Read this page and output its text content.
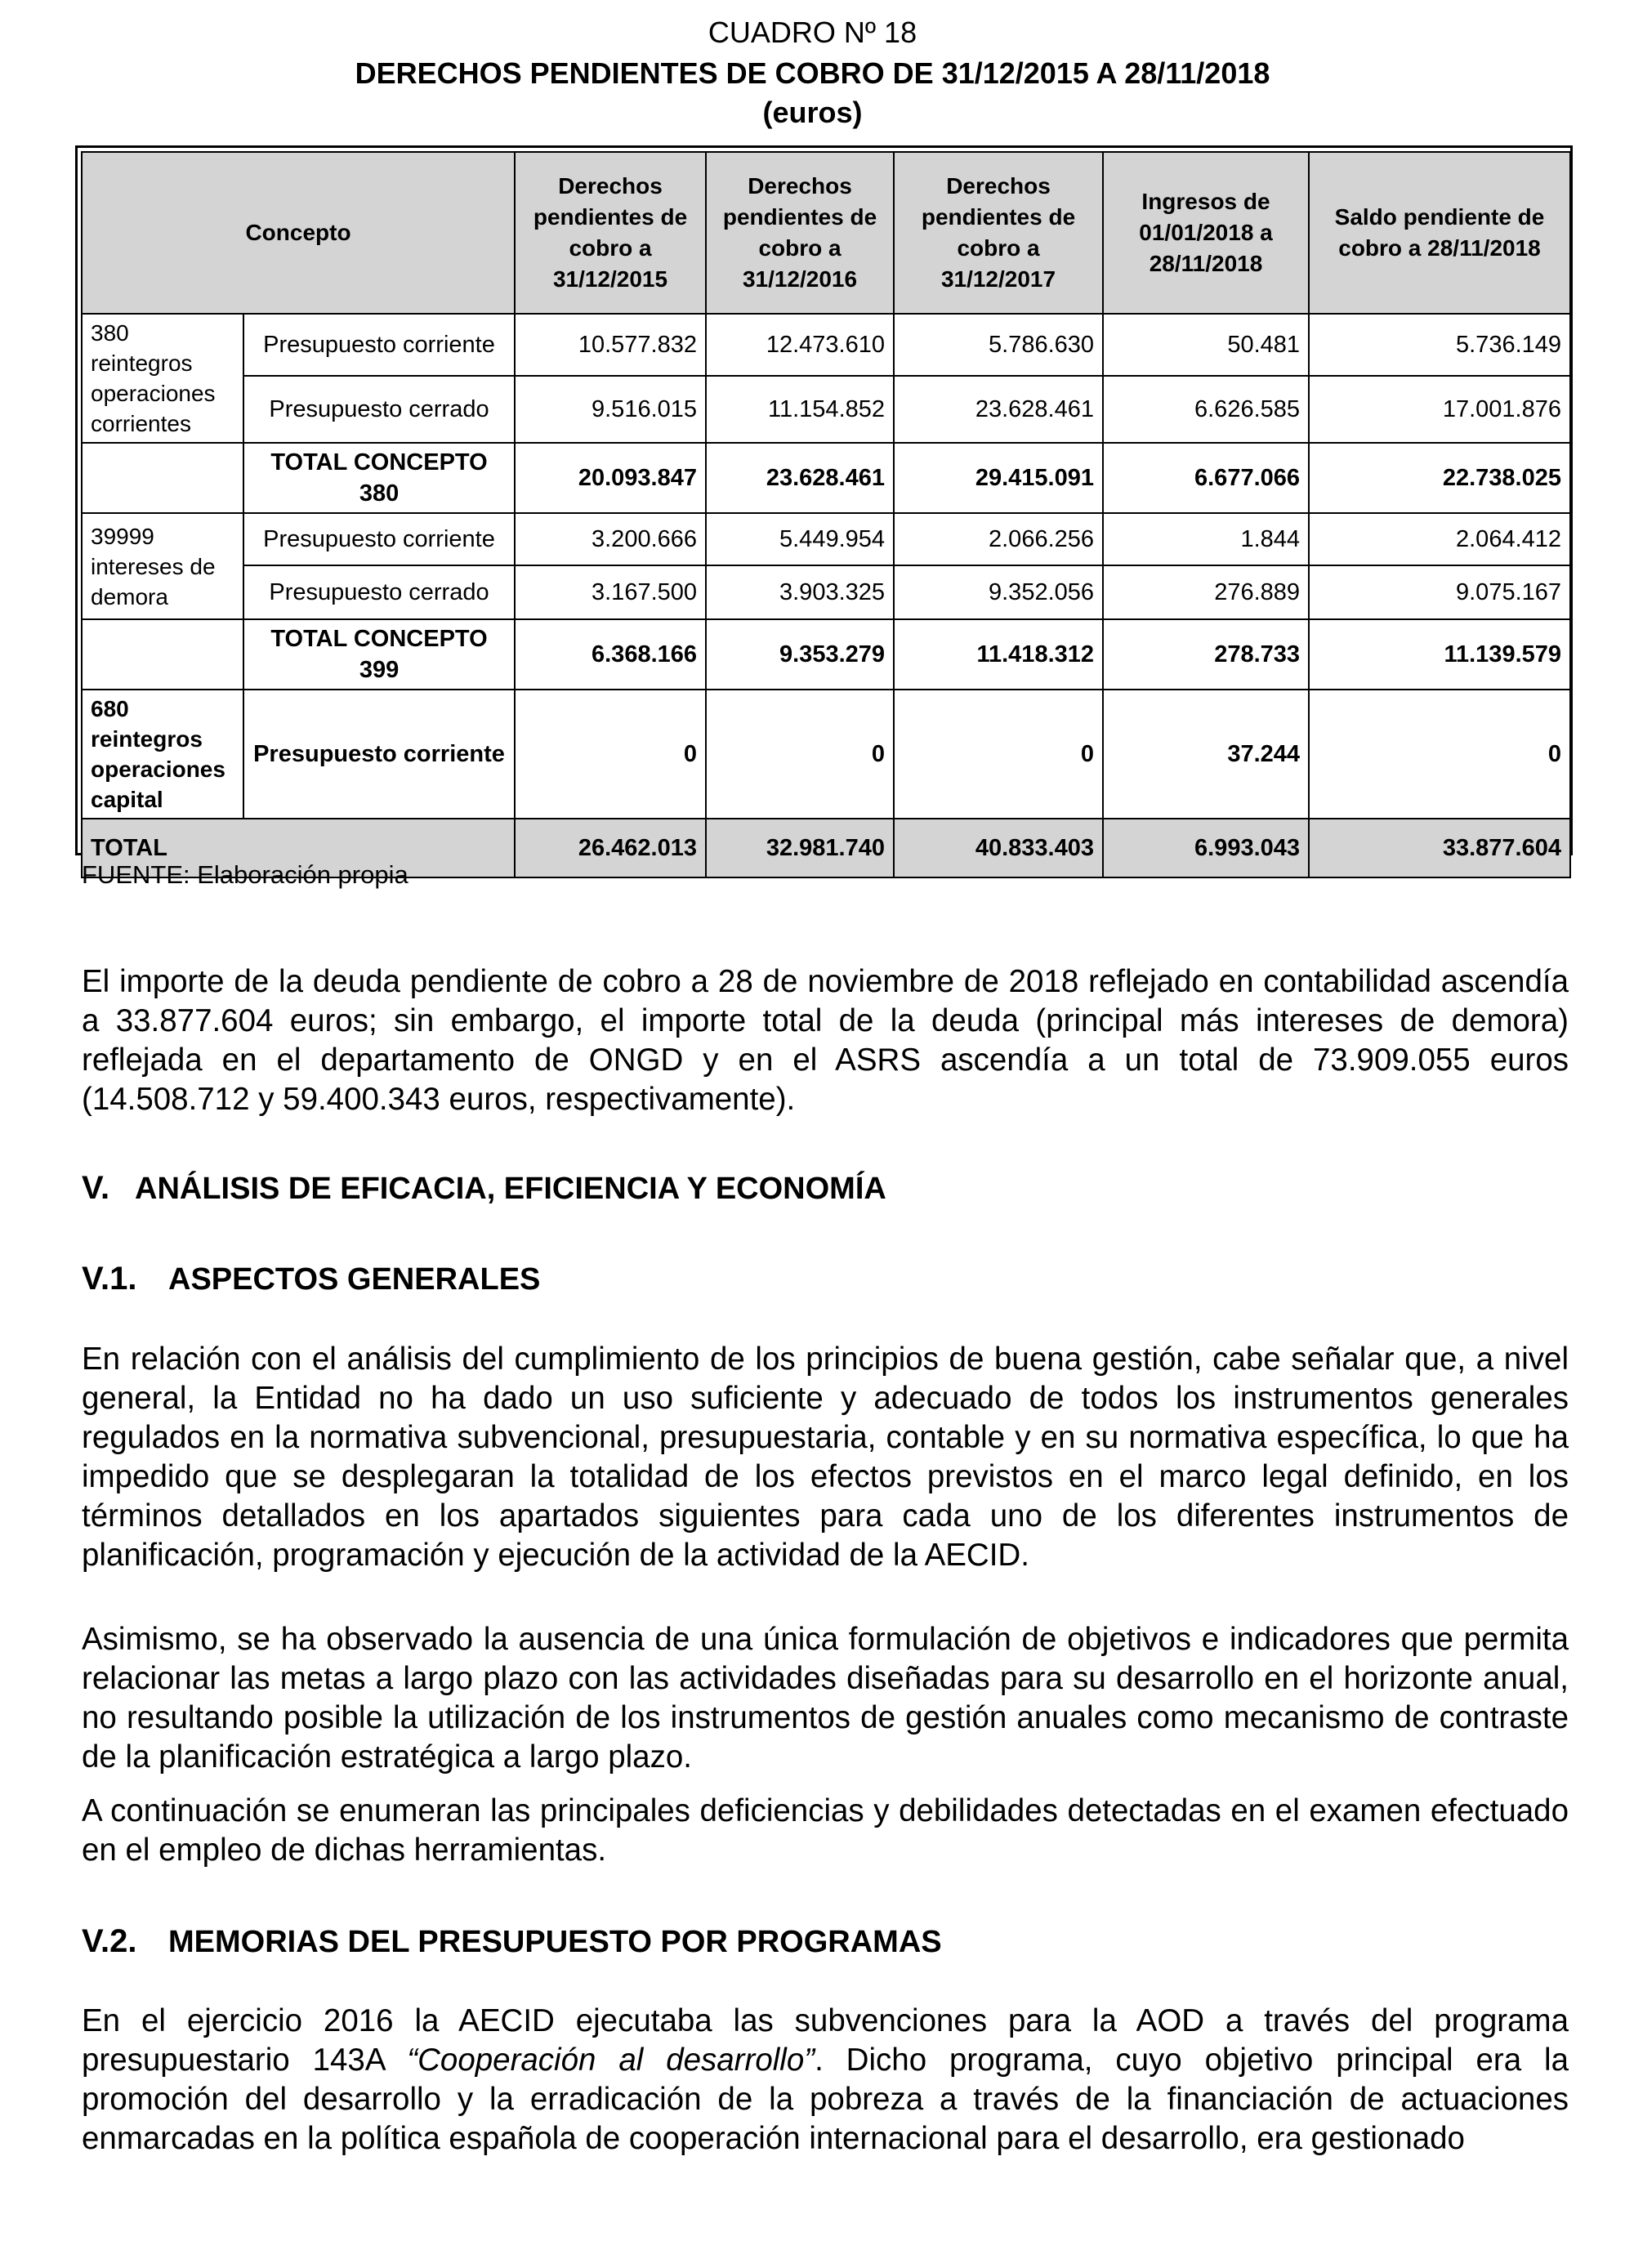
CUADRO Nº 18
DERECHOS PENDIENTES DE COBRO DE 31/12/2015 A 28/11/2018
(euros)
Concepto		Derechos pendientes de cobro a 31/12/2015	Derechos pendientes de cobro a 31/12/2016	Derechos pendientes de cobro a 31/12/2017	Ingresos de 01/01/2018 a 28/11/2018	Saldo pendiente de cobro a 28/11/2018
380 reintegros operaciones corrientes	Presupuesto corriente	10.577.832	12.473.610	5.786.630	50.481	5.736.149
	Presupuesto cerrado	9.516.015	11.154.852	23.628.461	6.626.585	17.001.876
	TOTAL CONCEPTO 380	20.093.847	23.628.461	29.415.091	6.677.066	22.738.025
39999 intereses de demora	Presupuesto corriente	3.200.666	5.449.954	2.066.256	1.844	2.064.412
	Presupuesto cerrado	3.167.500	3.903.325	9.352.056	276.889	9.075.167
	TOTAL CONCEPTO 399	6.368.166	9.353.279	11.418.312	278.733	11.139.579
680 reintegros operaciones capital	Presupuesto corriente	0	0	0	37.244	0
TOTAL		26.462.013	32.981.740	40.833.403	6.993.043	33.877.604
FUENTE: Elaboración propia

El importe de la deuda pendiente de cobro a 28 de noviembre de 2018 reflejado en contabilidad ascendía a 33.877.604 euros; sin embargo, el importe total de la deuda (principal más intereses de demora) reflejada en el departamento de ONGD y en el ASRS ascendía a un total de 73.909.055 euros (14.508.712 y 59.400.343 euros, respectivamente).

V. ANÁLISIS DE EFICACIA, EFICIENCIA Y ECONOMÍA
V.1. ASPECTOS GENERALES

En relación con el análisis del cumplimiento de los principios de buena gestión, cabe señalar que, a nivel general, la Entidad no ha dado un uso suficiente y adecuado de todos los instrumentos generales regulados en la normativa subvencional, presupuestaria, contable y en su normativa específica, lo que ha impedido que se desplegaran la totalidad de los efectos previstos en el marco legal definido, en los términos detallados en los apartados siguientes para cada uno de los diferentes instrumentos de planificación, programación y ejecución de la actividad de la AECID.

Asimismo, se ha observado la ausencia de una única formulación de objetivos e indicadores que permita relacionar las metas a largo plazo con las actividades diseñadas para su desarrollo en el horizonte anual, no resultando posible la utilización de los instrumentos de gestión anuales como mecanismo de contraste de la planificación estratégica a largo plazo.

A continuación se enumeran las principales deficiencias y debilidades detectadas en el examen efectuado en el empleo de dichas herramientas.

V.2. MEMORIAS DEL PRESUPUESTO POR PROGRAMAS

En el ejercicio 2016 la AECID ejecutaba las subvenciones para la AOD a través del programa presupuestario 143A “Cooperación al desarrollo”. Dicho programa, cuyo objetivo principal era la promoción del desarrollo y la erradicación de la pobreza a través de la financiación de actuaciones enmarcadas en la política española de cooperación internacional para el desarrollo, era gestionado
